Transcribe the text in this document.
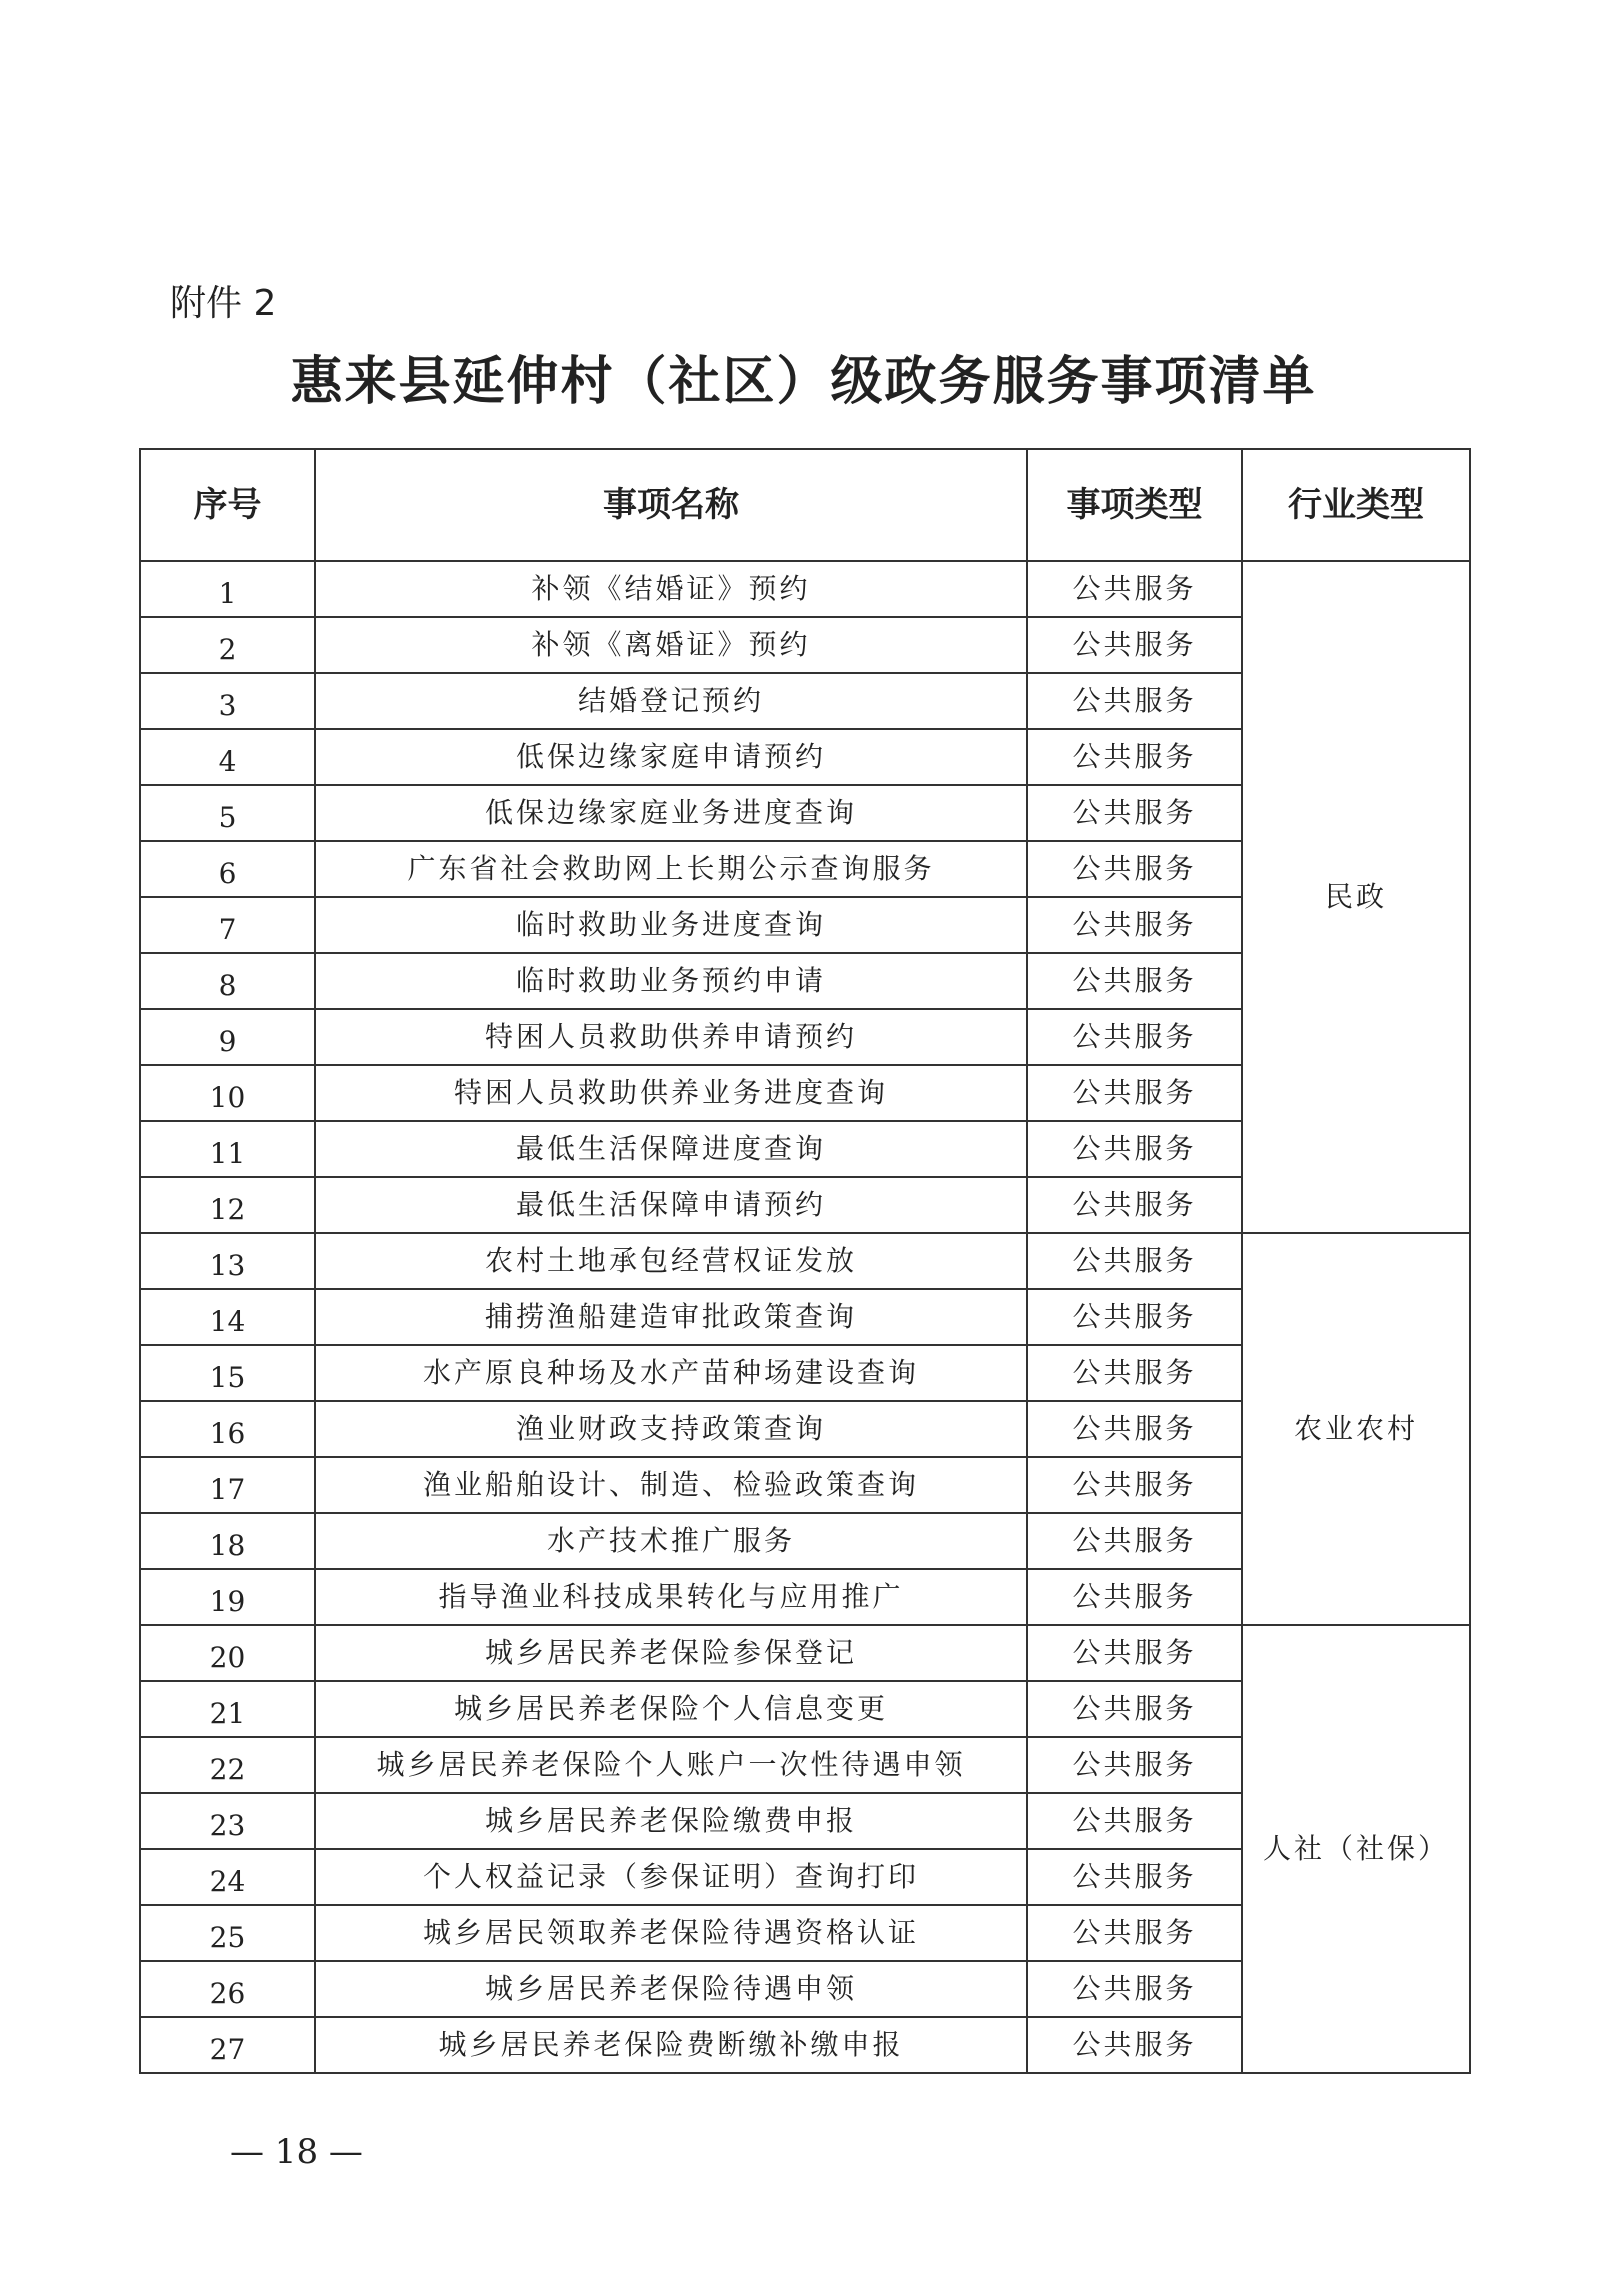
附件 2
惠来县延伸村（社区）级政务服务事项清单
序号	事项名称	事项类型	行业类型
1	补领《结婚证》预约	公共服务	民政
2	补领《离婚证》预约	公共服务	
3	结婚登记预约	公共服务	
4	低保边缘家庭申请预约	公共服务	
5	低保边缘家庭业务进度查询	公共服务	
6	广东省社会救助网上长期公示查询服务	公共服务	
7	临时救助业务进度查询	公共服务	
8	临时救助业务预约申请	公共服务	
9	特困人员救助供养申请预约	公共服务	
10	特困人员救助供养业务进度查询	公共服务	
11	最低生活保障进度查询	公共服务	
12	最低生活保障申请预约	公共服务	
13	农村土地承包经营权证发放	公共服务	农业农村
14	捕捞渔船建造审批政策查询	公共服务	
15	水产原良种场及水产苗种场建设查询	公共服务	
16	渔业财政支持政策查询	公共服务	
17	渔业船舶设计、制造、检验政策查询	公共服务	
18	水产技术推广服务	公共服务	
19	指导渔业科技成果转化与应用推广	公共服务	
20	城乡居民养老保险参保登记	公共服务	人社（社保）
21	城乡居民养老保险个人信息变更	公共服务	
22	城乡居民养老保险个人账户一次性待遇申领	公共服务	
23	城乡居民养老保险缴费申报	公共服务	
24	个人权益记录（参保证明）查询打印	公共服务	
25	城乡居民领取养老保险待遇资格认证	公共服务	
26	城乡居民养老保险待遇申领	公共服务	
27	城乡居民养老保险费断缴补缴申报	公共服务	
— 18 —
